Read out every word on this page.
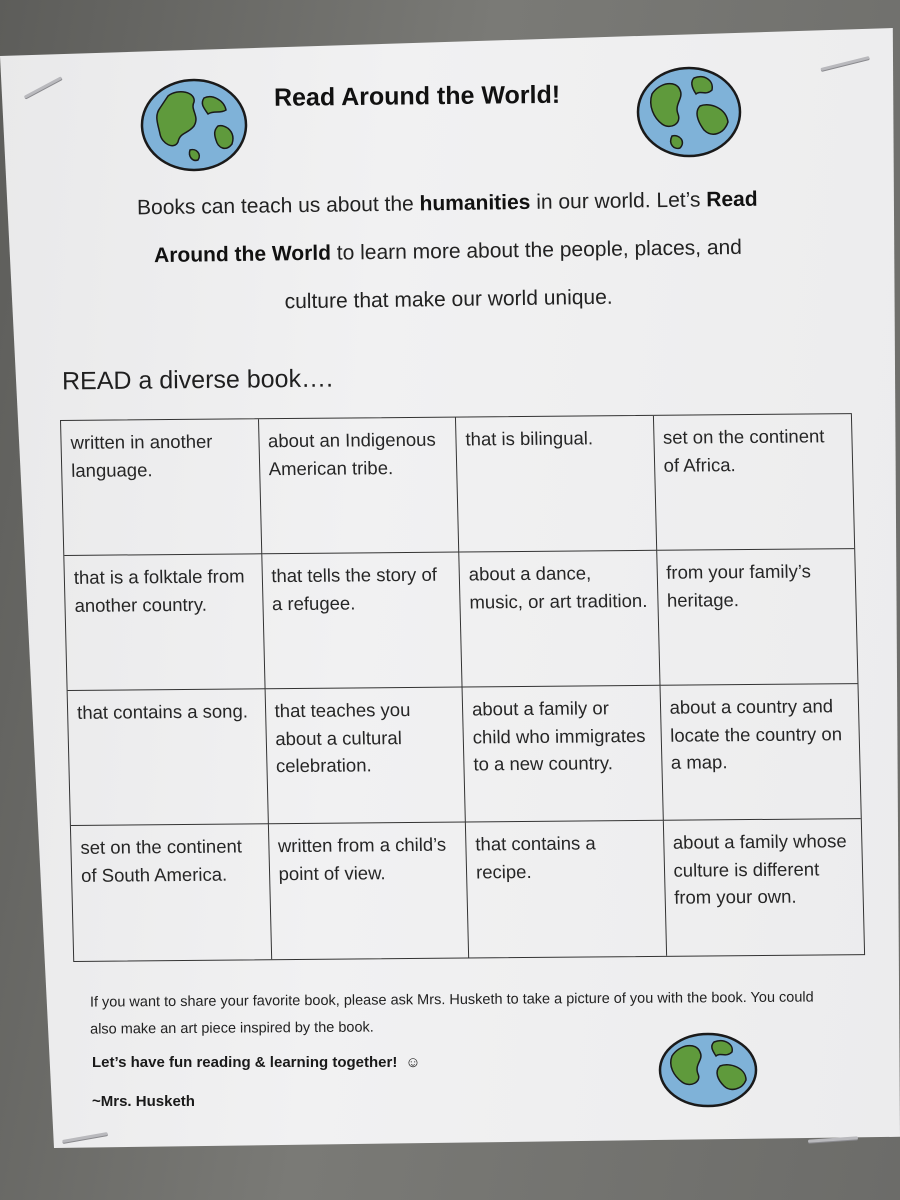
Read Around the World!
Books can teach us about the humanities in our world. Let’s Read
Around the World to learn more about the people, places, and
culture that make our world unique.
READ a diverse book….
written in another language.
about an Indigenous American tribe.
that is bilingual.	set on the continent of Africa.
that is a folktale from another country.
that tells the story of a refugee.
about a dance, music, or art tradition.
from your family’s heritage.
that contains a song.	that teaches you about a cultural celebration.
about a family or child who immigrates to a new country.
about a country and locate the country on a map.
set on the continent of South America.
written from a child’s point of view.
that contains a recipe.
about a family whose culture is different from your own.
If you want to share your favorite book, please ask Mrs. Husketh to take a picture of you with the book. You could also make an art piece inspired by the book.
Let’s have fun reading & learning together! ☺
~Mrs. Husketh
